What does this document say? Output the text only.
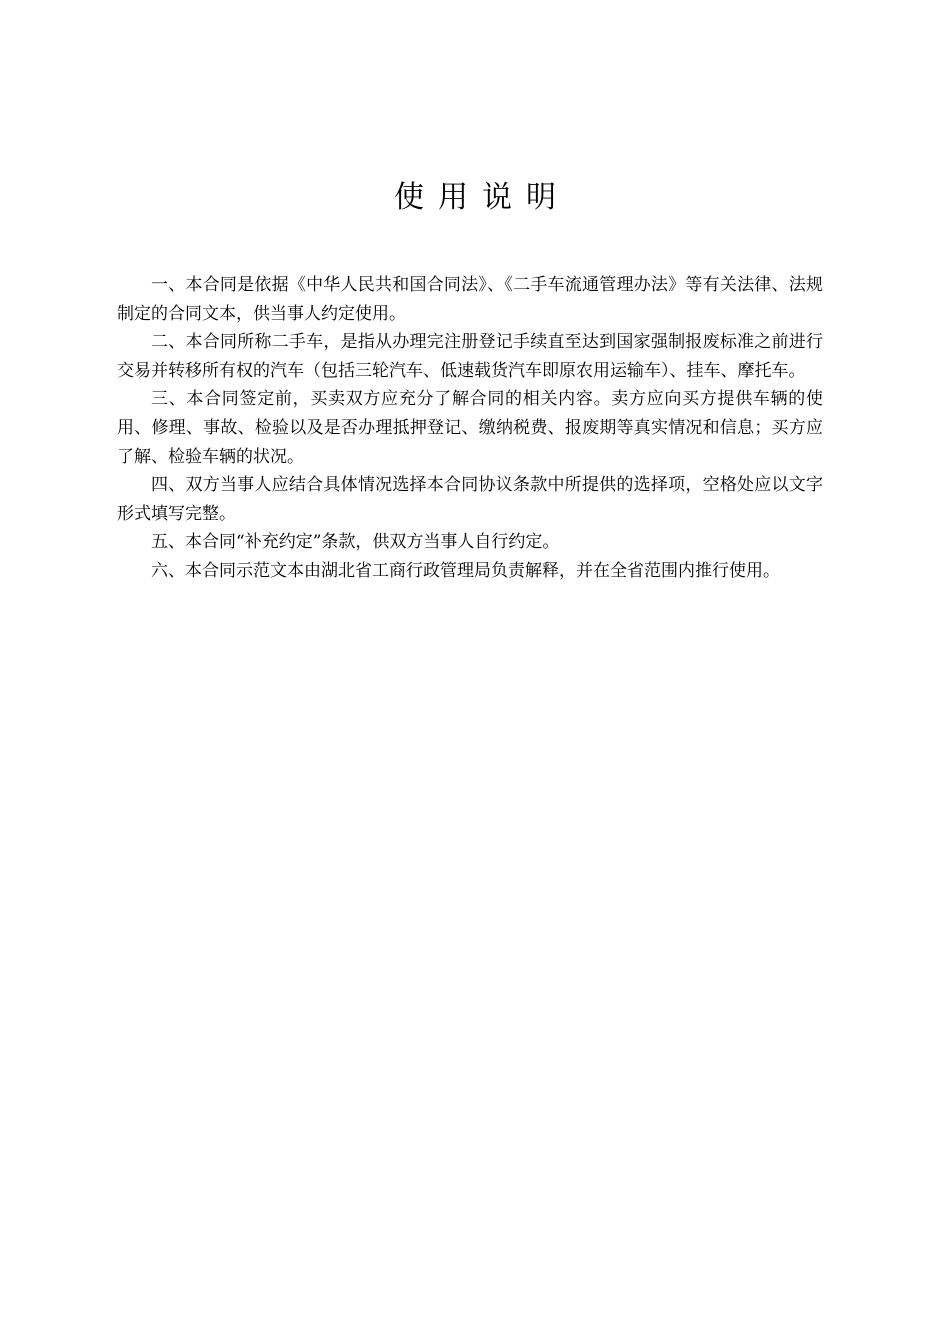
使用说明

一、本合同是依据《中华人民共和国合同法》、《二手车流通管理办法》等有关法律、法规制定的合同文本，供当事人约定使用。

二、本合同所称二手车，是指从办理完注册登记手续直至达到国家强制报废标准之前进行交易并转移所有权的汽车（包括三轮汽车、低速载货汽车即原农用运输车）、挂车、摩托车。

三、本合同签定前，买卖双方应充分了解合同的相关内容。卖方应向买方提供车辆的使用、修理、事故、检验以及是否办理抵押登记、缴纳税费、报废期等真实情况和信息；买方应了解、检验车辆的状况。

四、双方当事人应结合具体情况选择本合同协议条款中所提供的选择项，空格处应以文字形式填写完整。

五、本合同“补充约定”条款，供双方当事人自行约定。

六、本合同示范文本由湖北省工商行政管理局负责解释，并在全省范围内推行使用。
